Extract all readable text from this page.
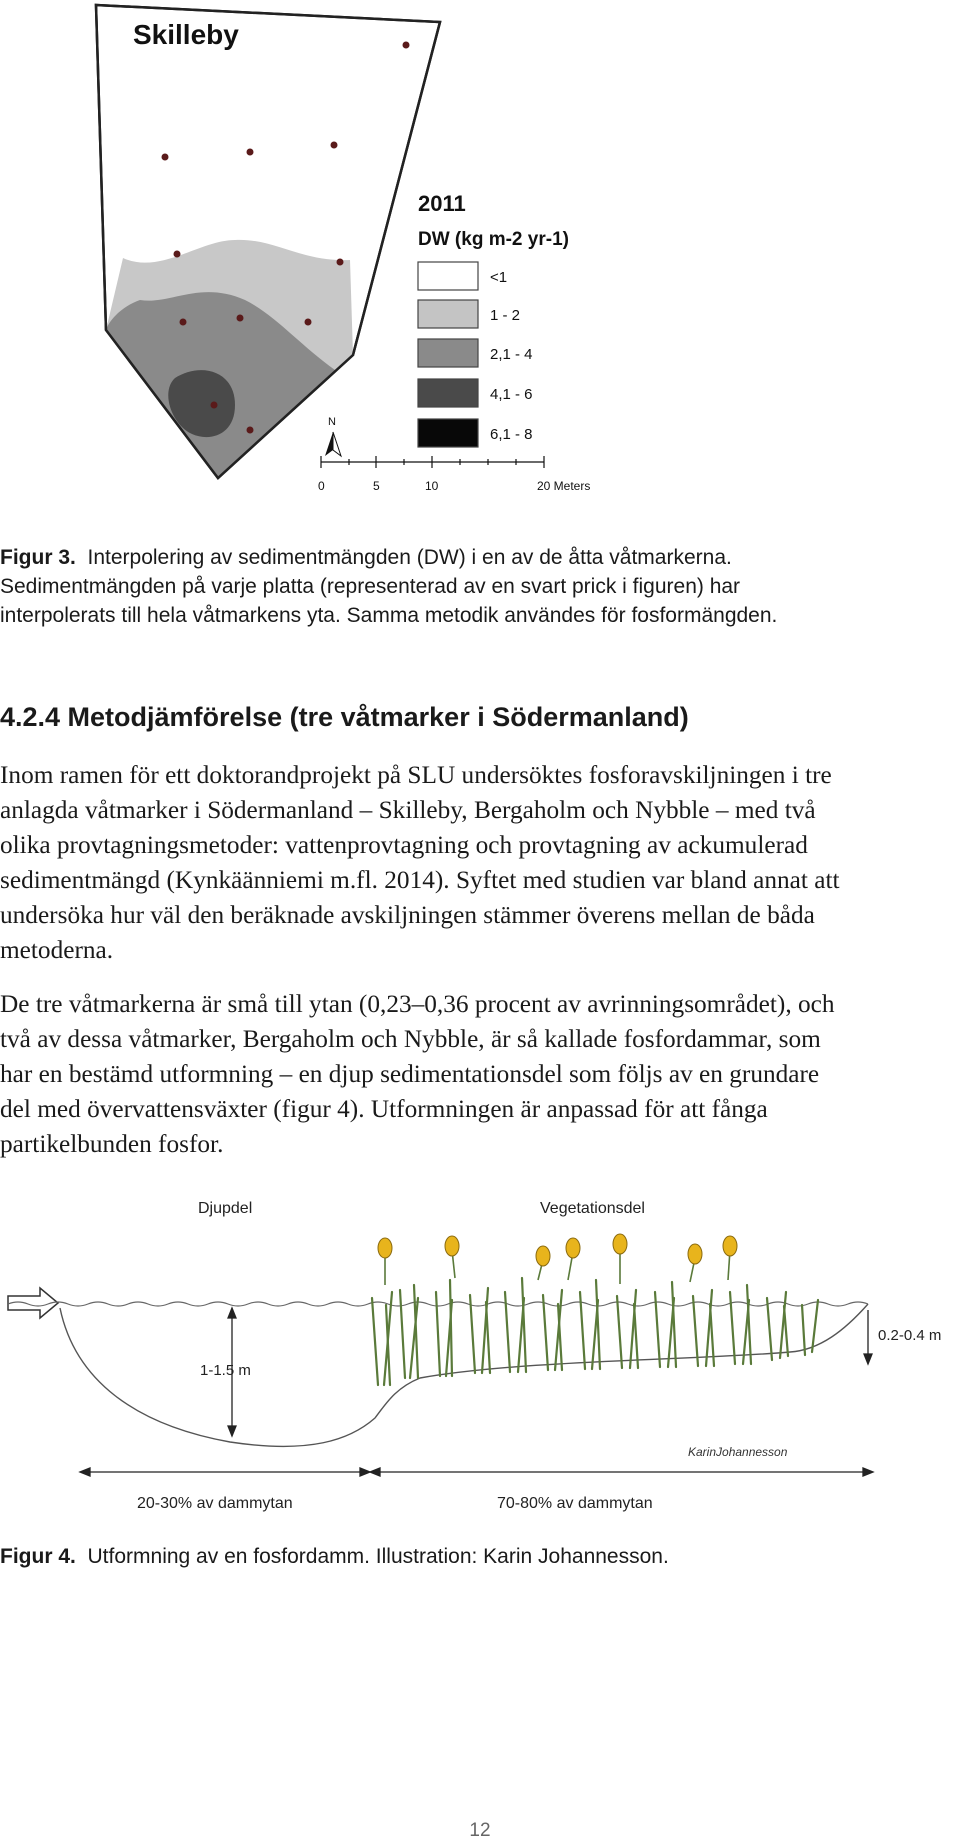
Skilleby
2011
DW (kg m-2 yr-1)
<1
1 - 2
2,1 - 4
4,1 - 6
6,1 - 8
N
0	5	10	20 Meters
Figur 3. Interpolering av sedimentmängden (DW) i en av de åtta våtmarkerna.
Sedimentmängden på varje platta (representerad av en svart prick i figuren) har
interpolerats till hela våtmarkens yta. Samma metodik användes för fosformängden.
4.2.4 Metodjämförelse (tre våtmarker i Södermanland)
Inom ramen för ett doktorandprojekt på SLU undersöktes fosforavskiljningen i tre
anlagda våtmarker i Södermanland – Skilleby, Bergaholm och Nybble – med två
olika provtagningsmetoder: vattenprovtagning och provtagning av ackumulerad
sedimentmängd (Kynkäänniemi m.fl. 2014). Syftet med studien var bland annat att
undersöka hur väl den beräknade avskiljningen stämmer överens mellan de båda
metoderna.
De tre våtmarkerna är små till ytan (0,23–0,36 procent av avrinningsområdet), och
två av dessa våtmarker, Bergaholm och Nybble, är så kallade fosfordammar, som
har en bestämd utformning – en djup sedimentationsdel som följs av en grundare
del med övervattensväxter (figur 4). Utformningen är anpassad för att fånga
partikelbunden fosfor.
Djupdel	Vegetationsdel
1-1.5 m
0.2-0.4 m
KarinJohannesson
20-30% av dammytan	70-80% av dammytan
Figur 4. Utformning av en fosfordamm. Illustration: Karin Johannesson.
12
